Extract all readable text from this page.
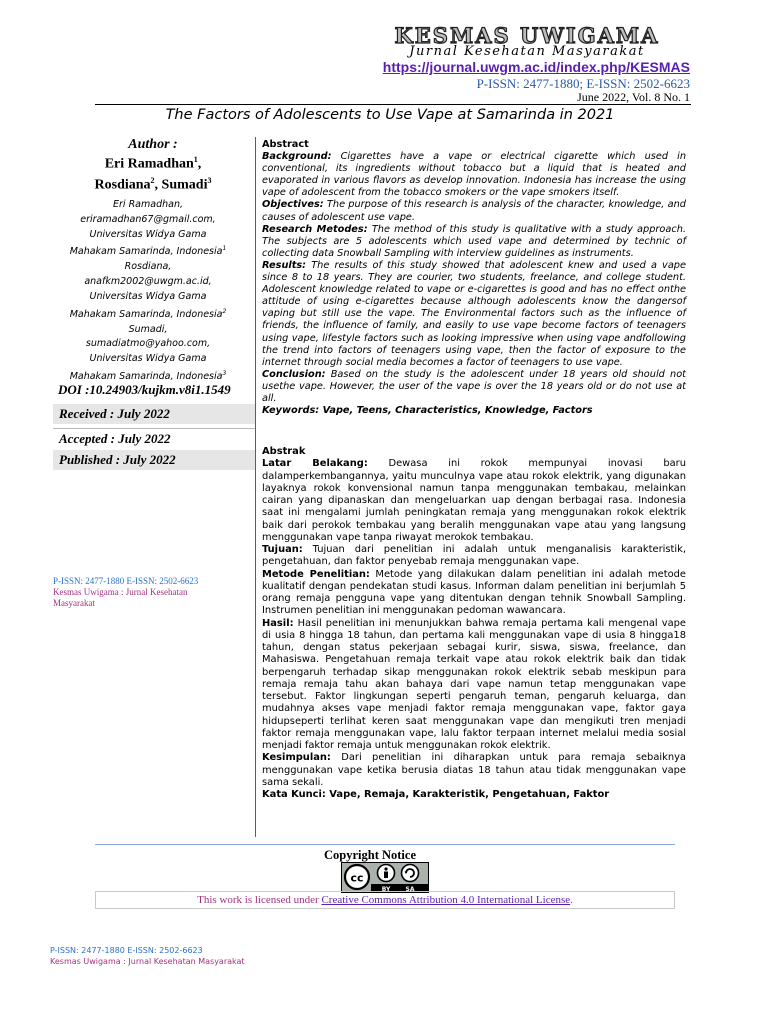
KESMAS UWIGAMA
Jurnal Kesehatan Masyarakat
https://journal.uwgm.ac.id/index.php/KESMAS
P-ISSN: 2477-1880; E-ISSN: 2502-6623
June 2022, Vol. 8 No. 1
The Factors of Adolescents to Use Vape at Samarinda in 2021
Author :
Eri Ramadhan$^1$,
Rosdiana$^2$, Sumadi$^3$
Eri Ramadhan,
eriramadhan67@gmail.com,
Universitas Widya Gama
Mahakam Samarinda, Indonesia$^1$
Rosdiana,
anafkm2002@uwgm.ac.id,
Universitas Widya Gama
Mahakam Samarinda, Indonesia$^2$
Sumadi,
sumadiatmo@yahoo.com,
Universitas Widya Gama
Mahakam Samarinda, Indonesia$^3$
DOI :10.24903/kujkm.v8i1.1549
Received : July 2022
Accepted : July 2022
Published : July 2022
P-ISSN: 2477-1880 E-ISSN: 2502-6623
Kesmas Uwigama : Jurnal Kesehatan
Masyarakat

Abstract

Background: Cigarettes have a vape or electrical cigarette which used in conventional, its ingredients without tobacco but a liquid that is heated and evaporated in various flavors as develop innovation. Indonesia has increase the using vape of adolescent from the tobacco smokers or the vape smokers itself.

Objectives: The purpose of this research is analysis of the character, knowledge, and causes of adolescent use vape.

Research Metodes: The method of this study is qualitative with a study approach. The subjects are 5 adolescents which used vape and determined by technic of collecting data Snowball Sampling with interview guidelines as instruments.

Results: The results of this study showed that adolescent knew and used a vape since 8 to 18 years. They are courier, two students, freelance, and college student. Adolescent knowledge related to vape or e-cigarettes is good and has no effect onthe attitude of using e-cigarettes because although adolescents know the dangersof vaping but still use the vape. The Environmental factors such as the influence of friends, the influence of family, and easily to use vape become factors of teenagers using vape, lifestyle factors such as looking impressive when using vape andfollowing the trend into factors of teenagers using vape, then the factor of exposure to the internet through social media becomes a factor of teenagers to use vape.

Conclusion: Based on the study is the adolescent under 18 years old should not usethe vape. However, the user of the vape is over the 18 years old or do not use at all.

Keywords: Vape, Teens, Characteristics, Knowledge, Factors

Abstrak

Latar Belakang: Dewasa ini rokok mempunyai inovasi baru dalamperkembangannya, yaitu munculnya vape atau rokok elektrik, yang digunakan layaknya rokok konvensional namun tanpa menggunakan tembakau, melainkan cairan yang dipanaskan dan mengeluarkan uap dengan berbagai rasa. Indonesia saat ini mengalami jumlah peningkatan remaja yang menggunakan rokok elektrik baik dari perokok tembakau yang beralih menggunakan vape atau yang langsung menggunakan vape tanpa riwayat merokok tembakau.

Tujuan: Tujuan dari penelitian ini adalah untuk menganalisis karakteristik, pengetahuan, dan faktor penyebab remaja menggunakan vape.

Metode Penelitian: Metode yang dilakukan dalam penelitian ini adalah metode kualitatif dengan pendekatan studi kasus. Informan dalam penelitian ini berjumlah 5 orang remaja pengguna vape yang ditentukan dengan tehnik Snowball Sampling. Instrumen penelitian ini menggunakan pedoman wawancara.

Hasil: Hasil penelitian ini menunjukkan bahwa remaja pertama kali mengenal vape di usia 8 hingga 18 tahun, dan pertama kali menggunakan vape di usia 8 hingga18 tahun, dengan status pekerjaan sebagai kurir, siswa, siswa, freelance, dan Mahasiswa. Pengetahuan remaja terkait vape atau rokok elektrik baik dan tidak berpengaruh terhadap sikap menggunakan rokok elektrik sebab meskipun para remaja remaja tahu akan bahaya dari vape namun tetap menggunakan vape tersebut. Faktor lingkungan seperti pengaruh teman, pengaruh keluarga, dan mudahnya akses vape menjadi faktor remaja menggunakan vape, faktor gaya hidupseperti terlihat keren saat menggunakan vape dan mengikuti tren menjadi faktor remaja menggunakan vape, lalu faktor terpaan internet melalui media sosial menjadi faktor remaja untuk menggunakan rokok elektrik.

Kesimpulan: Dari penelitian ini diharapkan untuk para remaja sebaiknya menggunakan vape ketika berusia diatas 18 tahun atau tidak menggunakan vape sama sekali.

Kata Kunci: Vape, Remaja, Karakteristik, Pengetahuan, Faktor

Copyright Notice
cc
BY	SA
This work is licensed under Creative Commons Attribution 4.0 International License.
P-ISSN: 2477-1880 E-ISSN: 2502-6623
Kesmas Uwigama : Jurnal Kesehatan Masyarakat
